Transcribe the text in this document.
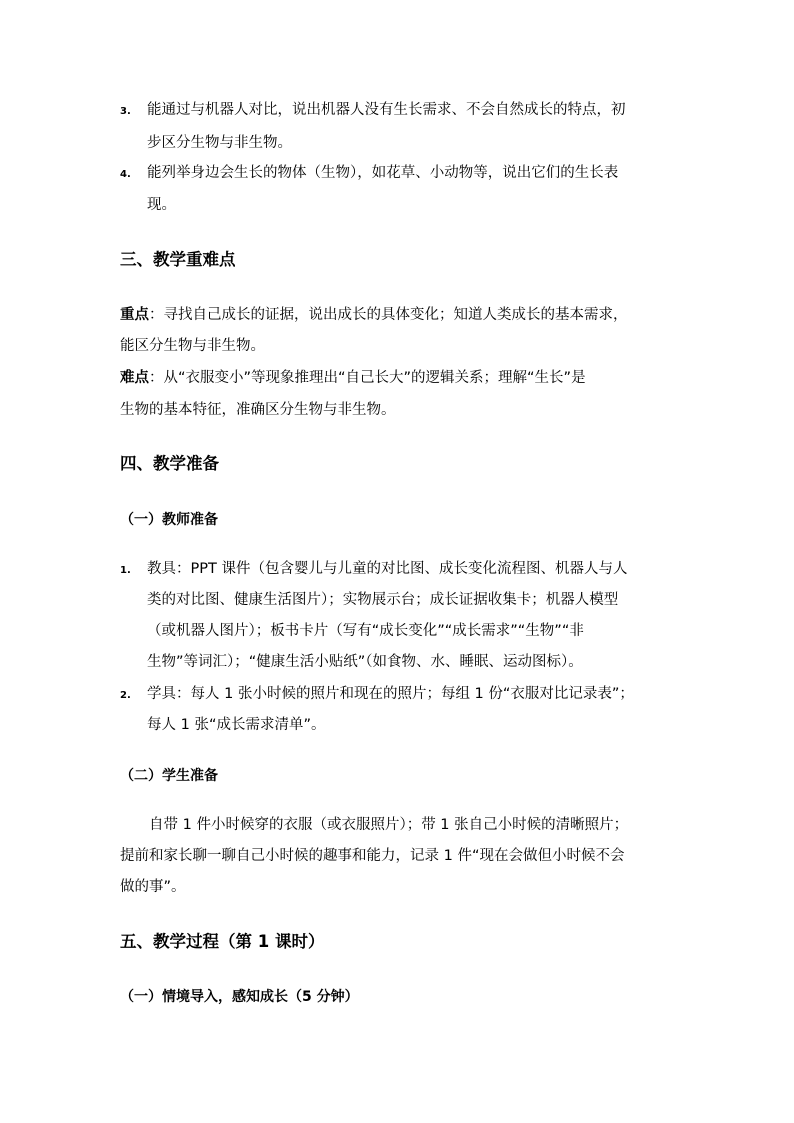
3. 能通过与机器人对比，说出机器人没有生长需求、不会自然成长的特点，初

步区分生物与非生物。

4. 能列举身边会生长的物体（生物），如花草、小动物等，说出它们的生长表

现。

三、教学重难点

重点：寻找自己成长的证据，说出成长的具体变化；知道人类成长的基本需求，

能区分生物与非生物。

难点：从“衣服变小”等现象推理出“自己长大”的逻辑关系；理解“生长”是

生物的基本特征，准确区分生物与非生物。

四、教学准备
（一）教师准备
1. 教具：PPT 课件（包含婴儿与儿童的对比图、成长变化流程图、机器人与人

类的对比图、健康生活图片）；实物展示台；成长证据收集卡；机器人模型

（或机器人图片）；板书卡片（写有“成长变化”“成长需求”“生物”“非

生物”等词汇）；“健康生活小贴纸”（如食物、水、睡眠、运动图标）。

2. 学具：每人 1 张小时候的照片和现在的照片；每组 1 份“衣服对比记录表”；

每人 1 张“成长需求清单”。

（二）学生准备

自带 1 件小时候穿的衣服（或衣服照片）；带 1 张自己小时候的清晰照片；

提前和家长聊一聊自己小时候的趣事和能力，记录 1 件“现在会做但小时候不会

做的事”。

五、教学过程（第 1 课时）
（一）情境导入，感知成长（5 分钟）
